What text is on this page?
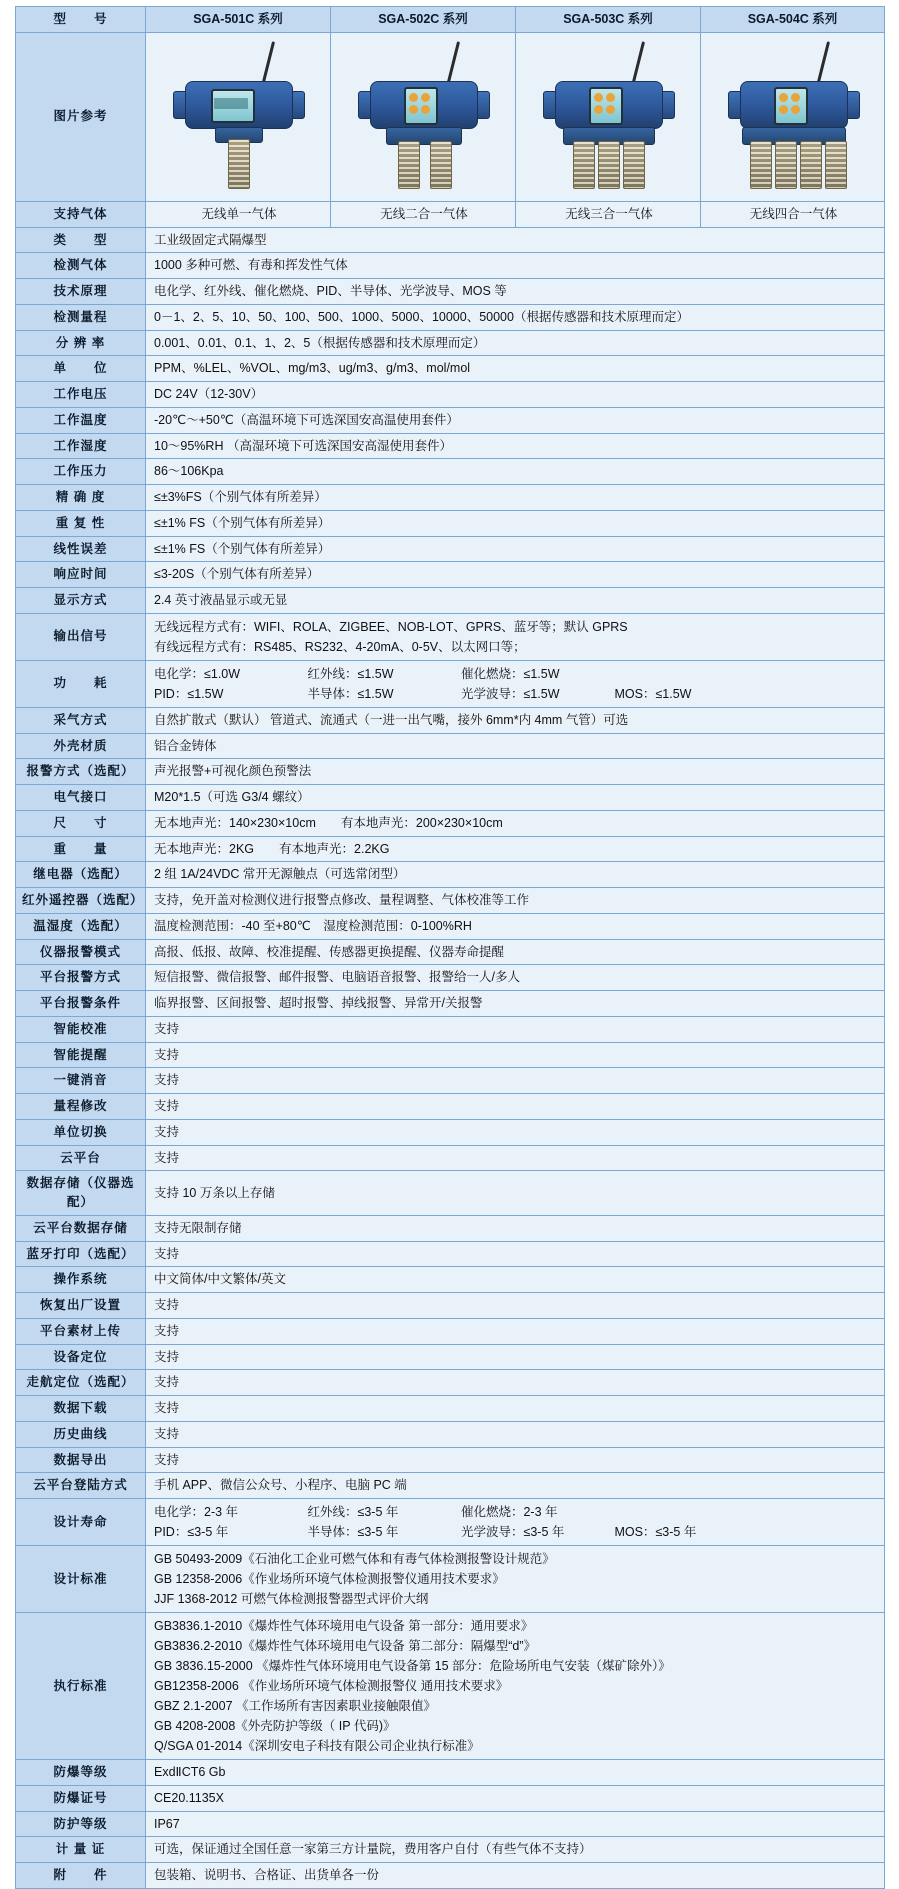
型　　号	SGA-501C 系列	SGA-502C 系列	SGA-503C 系列	SGA-504C 系列
图片参考	

支持气体	无线单一气体	无线二合一气体	无线三合一气体	无线四合一气体
类　　型	工业级固定式隔爆型			
检测气体	1000 多种可燃、有毒和挥发性气体			
技术原理	电化学、红外线、催化燃烧、PID、半导体、光学波导、MOS 等			
检测量程	0－1、2、5、10、50、100、500、1000、5000、10000、50000（根据传感器和技术原理而定）			
分 辨 率	0.001、0.01、0.1、1、2、5（根据传感器和技术原理而定）			
单　　位	PPM、%LEL、%VOL、mg/m3、ug/m3、g/m3、mol/mol			
工作电压	DC 24V（12-30V）			
工作温度	-20℃～+50℃（高温环境下可选深国安高温使用套件）			
工作湿度	10～95%RH （高湿环境下可选深国安高湿使用套件）			
工作压力	86～106Kpa			
精 确 度	≤±3%FS（个别气体有所差异）			
重 复 性	≤±1% FS（个别气体有所差异）			
线性误差	≤±1% FS（个别气体有所差异）			
响应时间	≤3-20S（个别气体有所差异）			
显示方式	2.4 英寸液晶显示或无显			
输出信号	无线远程方式有：WIFI、ROLA、ZIGBEE、NOB-LOT、GPRS、蓝牙等；默认 GPRS
有线远程方式有：RS485、RS232、4-20mA、0-5V、以太网口等；			

功　　耗	电化学：≤1.0W 红外线：≤1.5W 催化燃烧：≤1.5W
PID：≤1.5W 半导体：≤1.5W 光学波导：≤1.5W MOS：≤1.5W			

采气方式	自然扩散式（默认） 管道式、流通式（一进一出气嘴，接外 6mm*内 4mm 气管）可选			
外壳材质	铝合金铸体			
报警方式（选配）	声光报警+可视化颜色预警法			
电气接口	M20*1.5（可选 G3/4 螺纹）			
尺　　寸	无本地声光：140×230×10cm　　有本地声光：200×230×10cm			
重　　量	无本地声光：2KG　　有本地声光：2.2KG			
继电器（选配）	2 组 1A/24VDC 常开无源触点（可选常闭型）			
红外遥控器（选配）	支持，免开盖对检测仪进行报警点修改、量程调整、气体校准等工作			
温湿度（选配）	温度检测范围：-40 至+80℃　湿度检测范围：0-100%RH			
仪器报警模式	高报、低报、故障、校准提醒、传感器更换提醒、仪器寿命提醒			
平台报警方式	短信报警、微信报警、邮件报警、电脑语音报警、报警给一人/多人			
平台报警条件	临界报警、区间报警、超时报警、掉线报警、异常开/关报警			
智能校准	支持			
智能提醒	支持			
一键消音	支持			
量程修改	支持			
单位切换	支持			
云平台	支持			
数据存储（仪器选配）	支持 10 万条以上存储			
云平台数据存储	支持无限制存储			
蓝牙打印（选配）	支持			
操作系统	中文简体/中文繁体/英文			
恢复出厂设置	支持			
平台素材上传	支持			
设备定位	支持			
走航定位（选配）	支持			
数据下载	支持			
历史曲线	支持			
数据导出	支持			
云平台登陆方式	手机 APP、微信公众号、小程序、电脑 PC 端			
设计寿命	电化学：2-3 年 红外线：≤3-5 年 催化燃烧：2-3 年
PID：≤3-5 年 半导体：≤3-5 年 光学波导：≤3-5 年 MOS：≤3-5 年			

设计标准	GB 50493-2009《石油化工企业可燃气体和有毒气体检测报警设计规范》
GB 12358-2006《作业场所环境气体检测报警仪通用技术要求》
JJF 1368-2012 可燃气体检测报警器型式评价大纲			

执行标准	
GB3836.1-2010《爆炸性气体环境用电气设备 第一部分：通用要求》
GB3836.2-2010《爆炸性气体环境用电气设备 第二部分：隔爆型“d”》
GB 3836.15-2000 《爆炸性气体环境用电气设备第 15 部分：危险场所电气安装（煤矿除外）》
GB12358-2006 《作业场所环境气体检测报警仪 通用技术要求》
GBZ 2.1-2007 《工作场所有害因素职业接触限值》
GB 4208-2008《外壳防护等级（ IP 代码)》
Q/SGA 01-2014《深圳安电子科技有限公司企业执行标准》

防爆等级	ExdⅡCT6 Gb			
防爆证号	CE20.1135X			
防护等级	IP67			
计 量 证	可选，保证通过全国任意一家第三方计量院，费用客户自付（有些气体不支持）			
附　　件	包装箱、说明书、合格证、出货单各一份			
